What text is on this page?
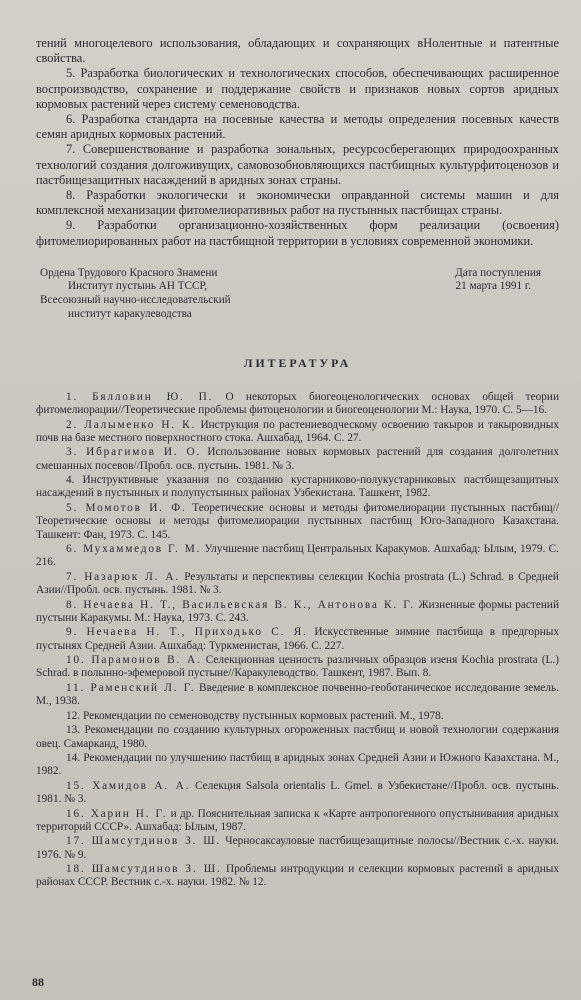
тений многоцелевого использования, обладающих и сохраняющих вНолентные и патентные свойства.

5. Разработка биологических и технологических способов, обеспечивающих расширенное воспроизводство, сохранение и поддержание свойств и признаков новых сортов аридных кормовых растений через систему семеноводства.

6. Разработка стандарта на посевные качества и методы определения посевных качеств семян аридных кормовых растений.

7. Совершенствование и разработка зональных, ресурсосберегающих природоохранных технологий создания долгоживущих, самовозобновляющихся пастбищных культурфитоценозов и пастбищезащитных насаждений в аридных зонах страны.

8. Разработки экологически и экономически оправданной системы машин и для комплексной механизации фитомелиоративных работ на пустынных пастбищах страны.

9. Разработки организационно-хозяйственных форм реализации (освоения) фитомелиорированных работ на пастбищной территории в условиях современной экономики.

Ордена Трудового Красного Знамени
Институт пустынь АН ТССР,
Всесоюзный научно-исследовательский
институт каракулеводства
Дата поступления
21 марта 1991 г.
ЛИТЕРАТУРА

1. Бялловин Ю. П. О некоторых биогеоценологических основах общей теории фитомелиорации//Теоретические проблемы фитоценологии и биогеоценологии М.: Наука, 1970. С. 5—16.

2. Лалыменко Н. К. Инструкция по растениеводческому освоению такыров и такыровидных почв на базе местного поверхностного стока. Ашхабад, 1964. С. 27.

3. Ибрагимов И. О. Использование новых кормовых растений для создания долголетних смешанных посевов//Пробл. осв. пустынь. 1981. № 3.

4. Инструктивные указания по созданию кустарниково-полукустарниковых пастбищезащитных насаждений в пустынных и полупустынных районах Узбекистана. Ташкент, 1982.

5. Момотов И. Ф. Теоретические основы и методы фитомелиорации пустынных пастбищ//Теоретические основы и методы фитомелиорации пустынных пастбищ Юго-Западного Казахстана. Ташкент: Фан, 1973. С. 145.

6. Мухаммедов Г. М. Улучшение пастбищ Центральных Каракумов. Ашхабад: Ылым, 1979. С. 216.

7. Назарюк Л. А. Результаты и перспективы селекции Kochia prostrata (L.) Schrad. в Средней Азии//Пробл. осв. пустынь. 1981. № 3.

8. Нечаева Н. Т., Васильевская В. К., Антонова К. Г. Жизненные формы растений пустыни Каракумы. М.: Наука, 1973. С. 243.

9. Нечаева Н. Т., Приходько С. Я. Искусственные зимние пастбища в предгорных пустынях Средней Азии. Ашхабад: Туркменистан, 1966. С. 227.

10. Парамонов В. А. Селекционная ценность различных образцов изеня Kochia prostrata (L.) Schrad. в полынно-эфемеровой пустыне//Каракулеводство. Ташкент, 1987. Вып. 8.

11. Раменский Л. Г. Введение в комплексное почвенно-геоботаническое исследование земель. М., 1938.

12. Рекомендации по семеноводству пустынных кормовых растений. М., 1978.

13. Рекомендации по созданию культурных огороженных пастбищ и новой технологии содержания овец. Самарканд, 1980.

14. Рекомендации по улучшению пастбищ в аридных зонах Средней Азии и Южного Казахстана. М., 1982.

15. Хамидов А. А. Селекция Salsola orientalis L. Gmel. в Узбекистане//Пробл. осв. пустынь. 1981. № 3.

16. Харин Н. Г. и др. Пояснительная записка к «Карте антропогенного опустынивания аридных территорий СССР». Ашхабад: Ылым, 1987.

17. Шамсутдинов З. Ш. Черносаксауловые пастбищезащитные полосы//Вестник с.-х. науки. 1976. № 9.

18. Шамсутдинов З. Ш. Проблемы интродукции и селекции кормовых растений в аридных районах СССР. Вестник с.-х. науки. 1982. № 12.

88
